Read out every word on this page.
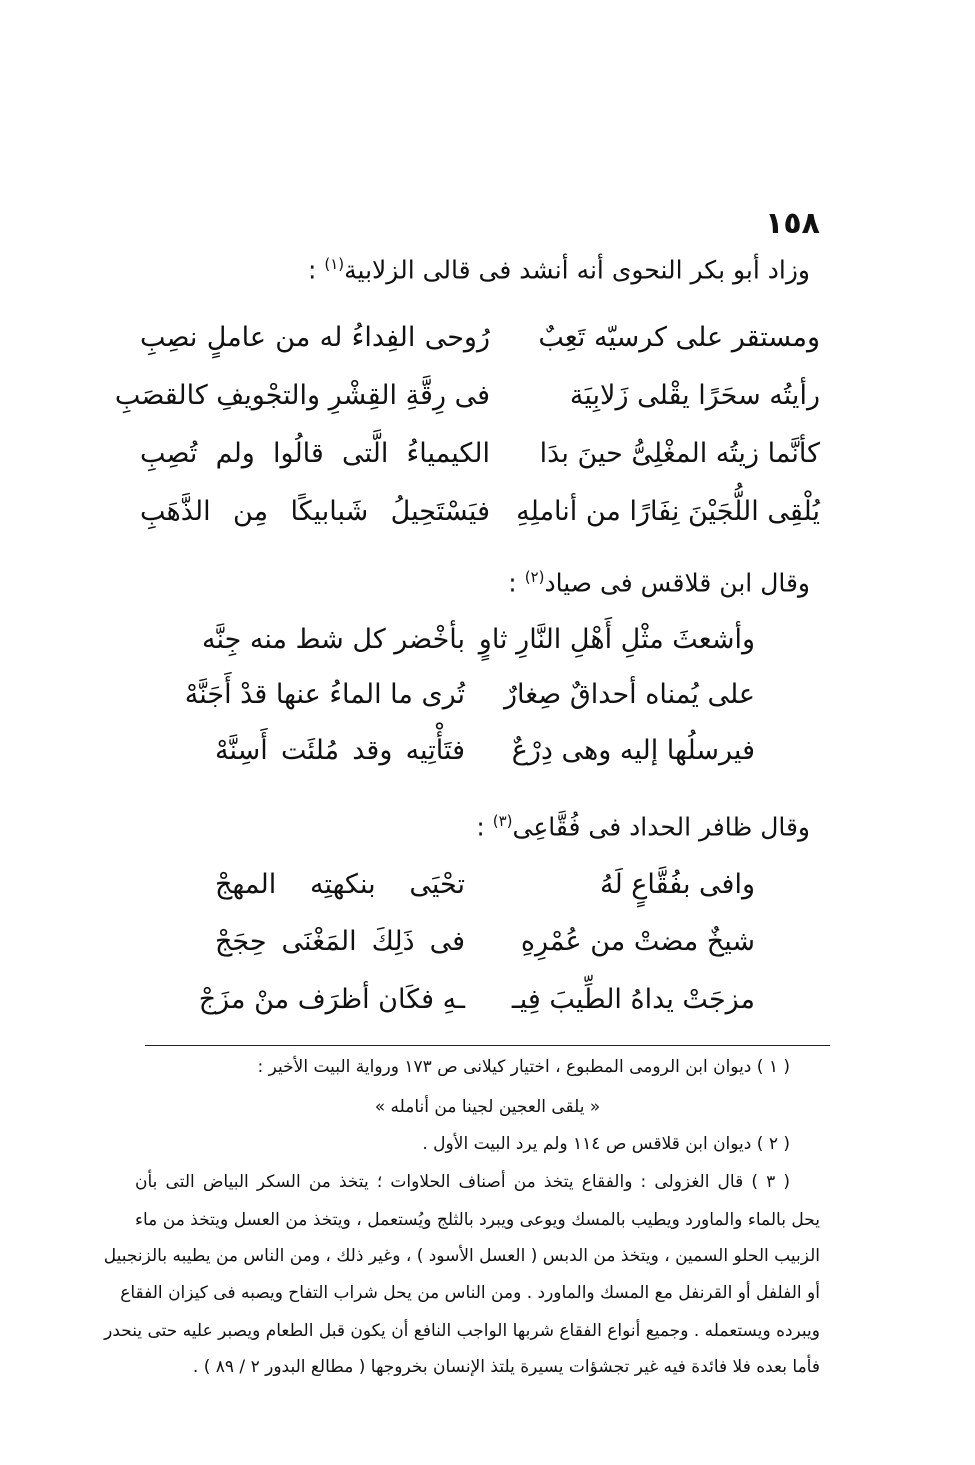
١٥٨
وزاد أبو بكر النحوى أنه أنشد فى قالى الزلابية$^{(١)}$ :
ومستقر على كرسيّه تَعِبٌ
رُوحى الفِداءُ له من عاملٍ نصِبِ
رأيتُه سحَرًا يقْلى زَلابِيَة
فى رِقَّةِ القِشْرِ والتجْويفِ كالقصَبِ
كأنَّما زيتُه المغْلِىُّ حينَ بدَا
الكيمياءُ الَّتى قالُوا ولم تُصِبِ
يُلْقِى اللُّجَيْنَ نِفَارًا من أناملِهِ
فيَسْتَحِيلُ شَبابيكًا مِن الذَّهَبِ
وقال ابن قلاقس فى صياد$^{(٢)}$ :
وأشعثَ مثْلِ أَهْلِ النَّارِ ثاوٍ
بأخْضر كل شط منه جِنَّه
على يُمناه أحداقٌ صِغارٌ
تُرى ما الماءُ عنها قدْ أَجَنَّهْ
فيرسلُها إليه وهى دِرْعٌ
فتَأْتِيه وقد مُلئَت أَسِنَّهْ
وقال ظافر الحداد فى فُقَّاعِى$^{(٣)}$ :
وافى بفُقَّاعٍ لَهُ
تحْيَى بنكهتِه المهجْ
شيخٌ مضتْ من عُمْرِهِ
فى ذَلِكَ المَغْنَى حِجَجْ
مزجَتْ يداهُ الطِّيبَ فِيـ
ـهِ فكَان أظرَف منْ مزَجْ
( ١ ) ديوان ابن الرومى المطبوع ، اختيار كيلانى ص ١٧٣ ورواية البيت الأخير :
« يلقى العجين لجينا من أنامله »
( ٢ ) ديوان ابن قلاقس ص ١١٤ ولم يرد البيت الأول .
( ٣ ) قال الغزولى : والفقاع يتخذ من أصناف الحلاوات ؛ يتخذ من السكر البياض التى بأن
يحل بالماء والماورد ويطيب بالمسك ويوعى ويبرد بالثلج ويُستعمل ، ويتخذ من العسل ويتخذ من ماء
الزبيب الحلو السمين ، ويتخذ من الدبس ( العسل الأسود ) ، وغير ذلك ، ومن الناس من يطيبه بالزنجبيل
أو الفلفل أو القرنفل مع المسك والماورد . ومن الناس من يحل شراب التفاح ويصبه فى كيزان الفقاع
ويبرده ويستعمله . وجميع أنواع الفقاع شربها الواجب النافع أن يكون قبل الطعام ويصبر عليه حتى ينحدر
فأما بعده فلا فائدة فيه غير تجشؤات يسيرة يلتذ الإنسان بخروجها ( مطالع البدور ٢ / ٨٩ ) .
